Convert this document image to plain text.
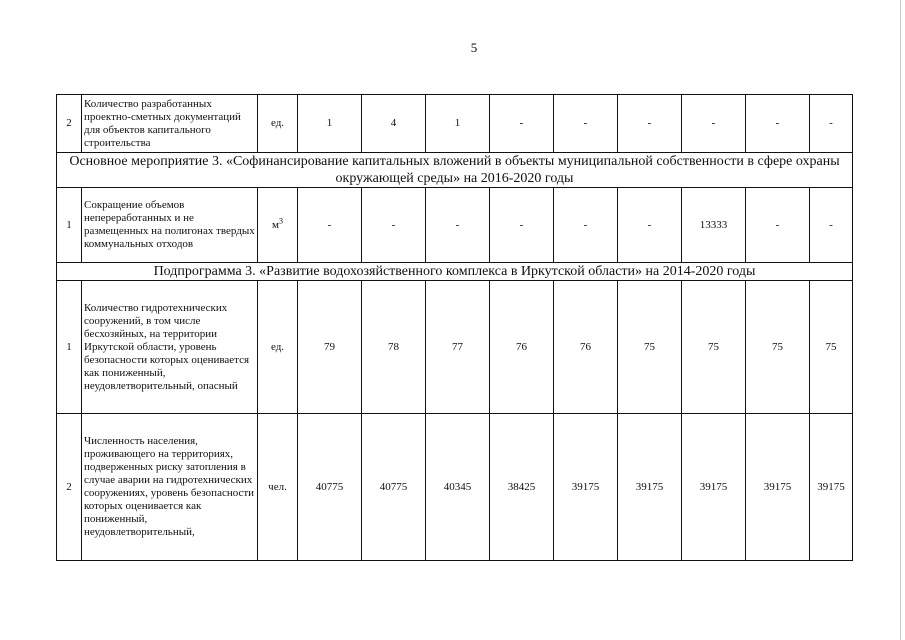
5
2	Количество разработанных проектно-сметных документаций для объектов капитального строительства	ед.	1	4	1	-	-	-	-	-	-
Основное мероприятие 3. «Софинансирование капитальных вложений в объекты муниципальной собственности в сфере охраны окружающей среды» на 2016-2020 годы											
1	Сокращение объемов непереработанных и не размещенных на полигонах твердых коммунальных отходов	$м^3$	-	-	-	-	-	-	13333	-	-
Подпрограмма 3. «Развитие водохозяйственного комплекса в Иркутской области» на 2014-2020 годы											
1	Количество гидротехнических сооружений, в том числе бесхозяйных, на территории Иркутской области, уровень безопасности которых оценивается как пониженный, неудовлетворительный, опасный	ед.	79	78	77	76	76	75	75	75	75
2	Численность населения, проживающего на территориях, подверженных риску затопления в случае аварии на гидротехнических сооружениях, уровень безопасности которых оценивается как пониженный, неудовлетворительный,	чел.	40775	40775	40345	38425	39175	39175	39175	39175	39175
